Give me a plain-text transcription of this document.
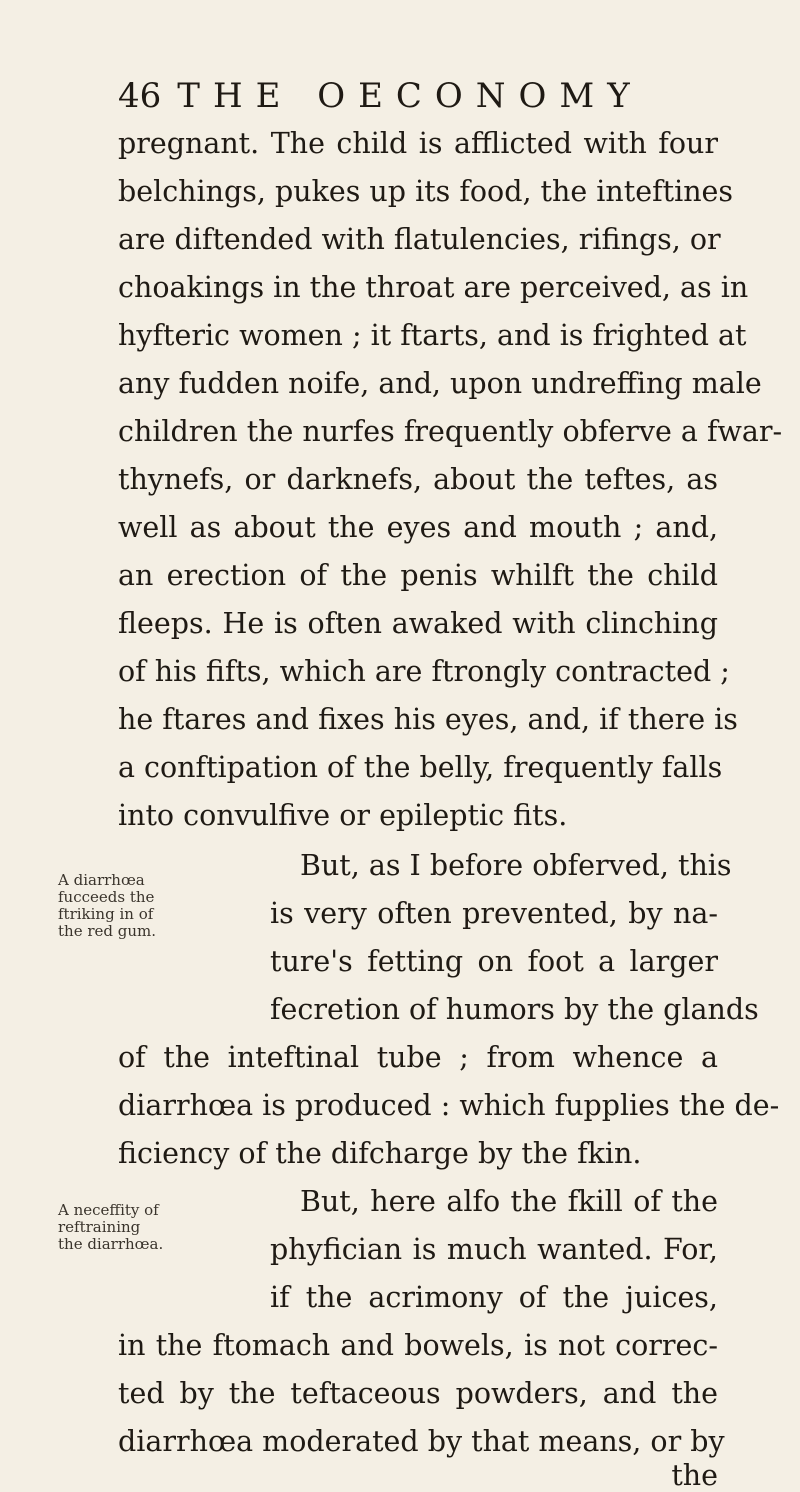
46 THE OECONOMY
pregnant. The child is afflicted with four
belchings, pukes up its food, the inteftines
are diftended with flatulencies, rifings, or
choakings in the throat are perceived, as in
hyfteric women ; it ftarts, and is frighted at
any fudden noife, and, upon undreffing male
children the nurfes frequently obferve a fwar-
thynefs, or darknefs, about the teftes, as
well as about the eyes and mouth ; and,
an erection of the penis whilft the child
fleeps. He is often awaked with clinching
of his fifts, which are ftrongly contracted ;
he ftares and fixes his eyes, and, if there is
a conftipation of the belly, frequently falls
into convulfive or epileptic fits.
But, as I before obferved, this
is very often prevented, by na-
ture's fetting on foot a larger
fecretion of humors by the glands
of the inteftinal tube ; from whence a
diarrhœa is produced : which fupplies the de-
ficiency of the difcharge by the fkin.
But, here alfo the fkill of the
phyfician is much wanted. For,
if the acrimony of the juices,
in the ftomach and bowels, is not correc-
ted by the teftaceous powders, and the
diarrhœa moderated by that means, or by
the
A diarrhœa
fucceeds the
ftriking in of
the red gum.
A neceffity of
reftraining
the diarrhœa.
